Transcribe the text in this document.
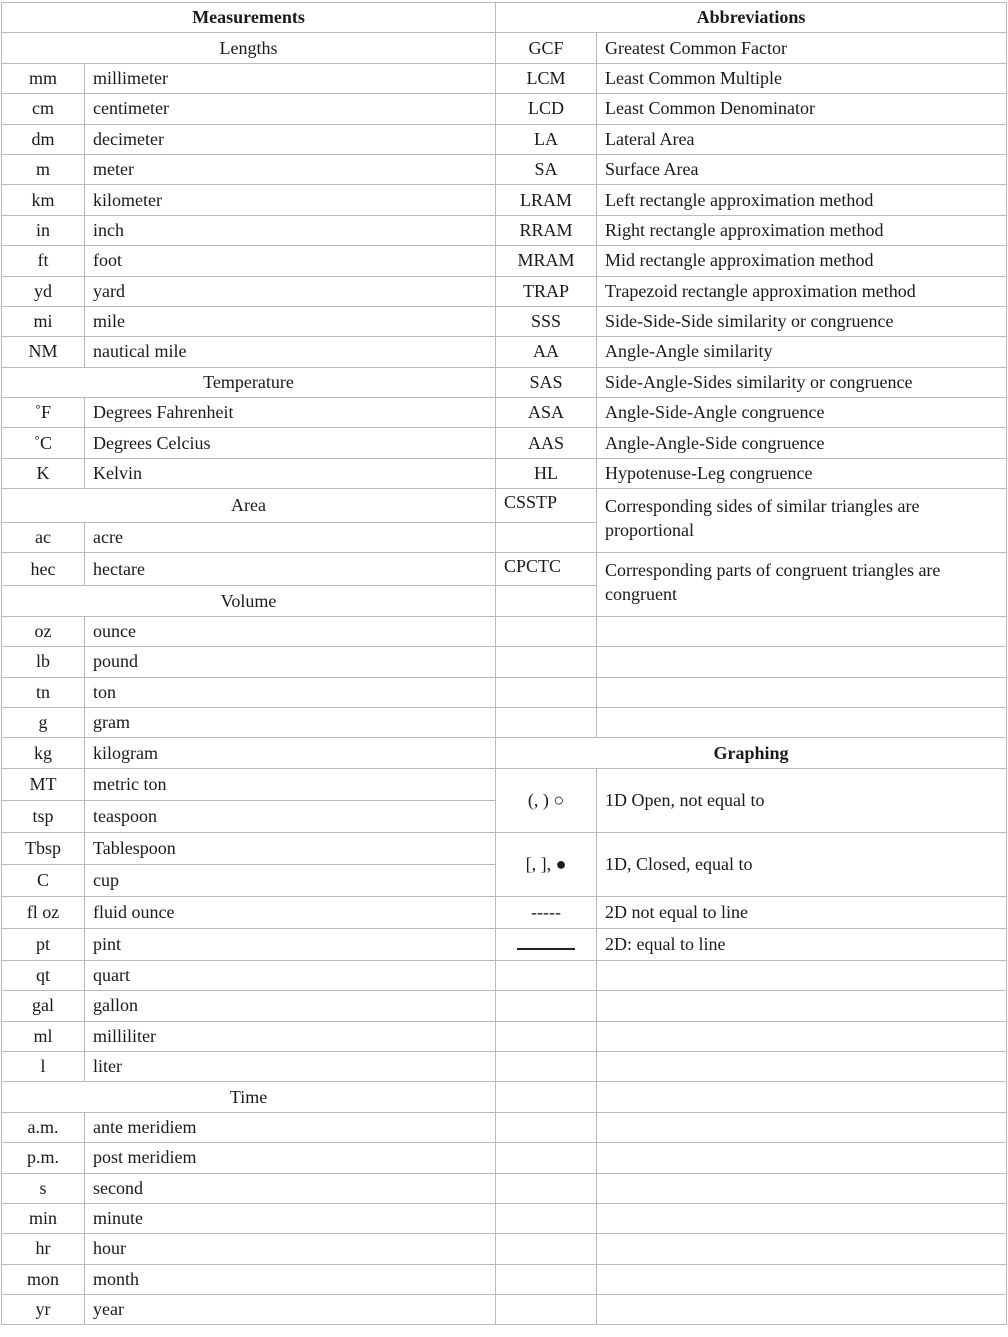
Measurements		Abbreviations	
Lengths		GCF	Greatest Common Factor
mm	millimeter	LCM	Least Common Multiple
cm	centimeter	LCD	Least Common Denominator
dm	decimeter	LA	Lateral Area
m	meter	SA	Surface Area
km	kilometer	LRAM	Left rectangle approximation method
in	inch	RRAM	Right rectangle approximation method
ft	foot	MRAM	Mid rectangle approximation method
yd	yard	TRAP	Trapezoid rectangle approximation method
mi	mile	SSS	Side-Side-Side similarity or congruence
NM	nautical mile	AA	Angle-Angle similarity
Temperature		SAS	Side-Angle-Sides similarity or congruence
˚F	Degrees Fahrenheit	ASA	Angle-Side-Angle congruence
˚C	Degrees Celcius	AAS	Angle-Angle-Side congruence
K	Kelvin	HL	Hypotenuse-Leg congruence
Area		CSSTP	Corresponding sides of similar triangles are proportional
ac	acre		
hec	hectare	CPCTC	Corresponding parts of congruent triangles are congruent
Volume			
oz	ounce		
lb	pound		
tn	ton		
g	gram		
kg	kilogram	Graphing	
MT	metric ton	(, ) ○	1D Open, not equal to
tsp	teaspoon		
Tbsp	Tablespoon	[, ], ●	1D, Closed, equal to
C	cup		
fl oz	fluid ounce	-----	2D not equal to line
pt	pint		2D: equal to line
qt	quart		
gal	gallon		
ml	milliliter		
l	liter		
Time			
a.m.	ante meridiem		
p.m.	post meridiem		
s	second		
min	minute		
hr	hour		
mon	month		
yr	year		
